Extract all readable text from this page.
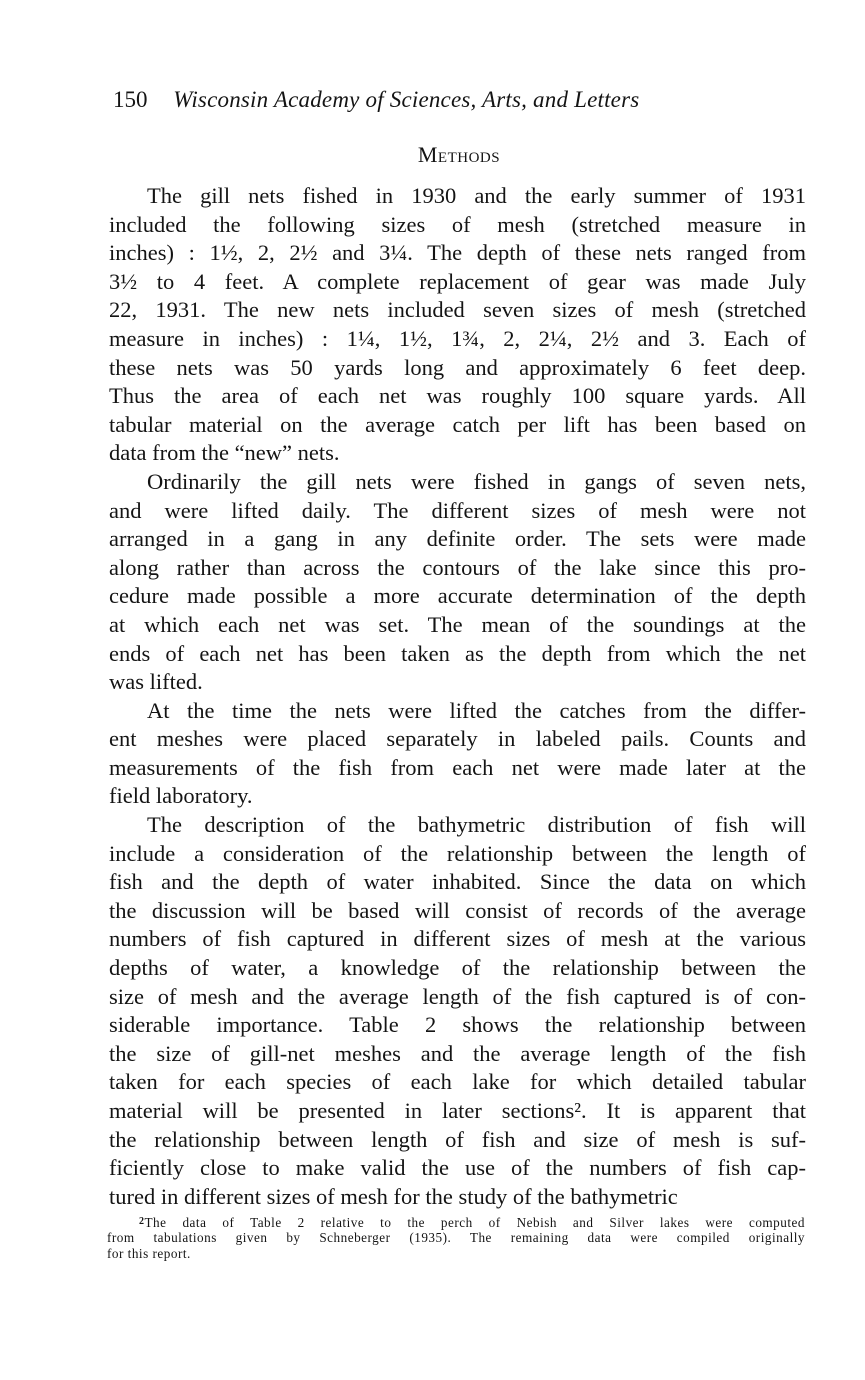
150 Wisconsin Academy of Sciences, Arts, and Letters
Methods
The gill nets fished in 1930 and the early summer of 1931
included the following sizes of mesh (stretched measure in
inches) : 1½, 2, 2½ and 3¼. The depth of these nets ranged from
3½ to 4 feet. A complete replacement of gear was made July
22, 1931. The new nets included seven sizes of mesh (stretched
measure in inches) : 1¼, 1½, 1¾, 2, 2¼, 2½ and 3. Each of
these nets was 50 yards long and approximately 6 feet deep.
Thus the area of each net was roughly 100 square yards. All
tabular material on the average catch per lift has been based on
data from the “new” nets.
Ordinarily the gill nets were fished in gangs of seven nets,
and were lifted daily. The different sizes of mesh were not
arranged in a gang in any definite order. The sets were made
along rather than across the contours of the lake since this pro-
cedure made possible a more accurate determination of the depth
at which each net was set. The mean of the soundings at the
ends of each net has been taken as the depth from which the net
was lifted.
At the time the nets were lifted the catches from the differ-
ent meshes were placed separately in labeled pails. Counts and
measurements of the fish from each net were made later at the
field laboratory.
The description of the bathymetric distribution of fish will
include a consideration of the relationship between the length of
fish and the depth of water inhabited. Since the data on which
the discussion will be based will consist of records of the average
numbers of fish captured in different sizes of mesh at the various
depths of water, a knowledge of the relationship between the
size of mesh and the average length of the fish captured is of con-
siderable importance. Table 2 shows the relationship between
the size of gill-net meshes and the average length of the fish
taken for each species of each lake for which detailed tabular
material will be presented in later sections². It is apparent that
the relationship between length of fish and size of mesh is suf-
ficiently close to make valid the use of the numbers of fish cap-
tured in different sizes of mesh for the study of the bathymetric
$^2$The data of Table 2 relative to the perch of Nebish and Silver lakes were computed
from tabulations given by Schneberger (1935). The remaining data were compiled originally
for this report.
